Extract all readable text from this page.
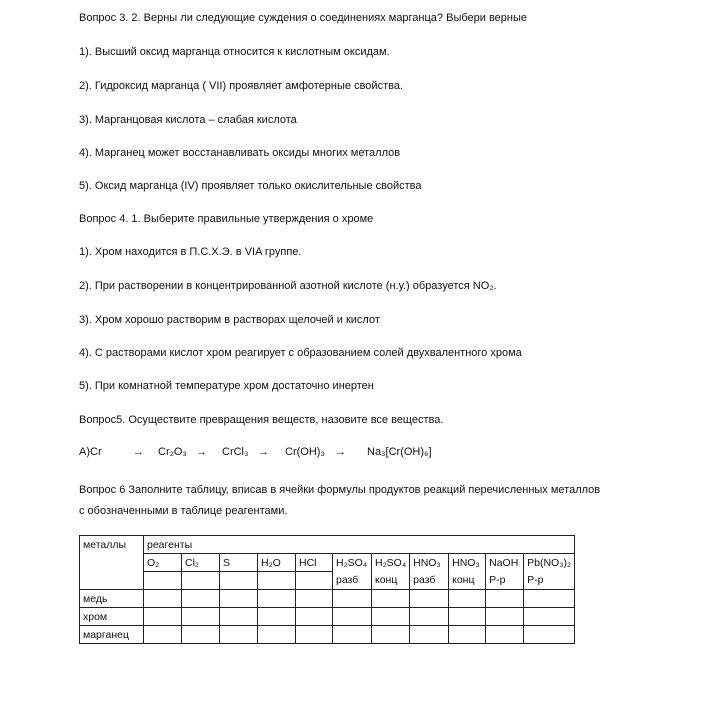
Вопрос 3. 2. Верны ли следующие суждения о соединениях марганца? Выбери верные
1). Высший оксид марганца относится к кислотным оксидам.
2). Гидроксид марганца ( VII) проявляет амфотерные свойства.
3). Марганцовая кислота – слабая кислота
4). Марганец может восстанавливать оксиды многих металлов
5). Оксид марганца (IV) проявляет только окислительные свойства
Вопрос 4. 1. Выберите правильные утверждения о хроме
1). Хром находится в П.С.Х.Э. в VIA группе.
2). При растворении в концентрированной азотной кислоте (н.у.) образуется NO₂.
3). Хром хорошо растворим в растворах щелочей и кислот
4). С растворами кислот хром реагирует с образованием солей двухвалентного хрома
5). При комнатной температуре хром достаточно инертен
Вопрос5. Осуществите превращения веществ, назовите все вещества.
А)Cr	→ Cr₂O₃ → CrCl₃ → Cr(OH)₃ → Na₃[Cr(OH)₆]
Вопрос 6 Заполните таблицу, вписав в ячейки формулы продуктов реакций перечисленных металлов
с обозначенными в таблице реагентами.
металлы	реагенты										
	O₂	Cl₂	S	H₂O	HCl	H₂SO₄	H₂SO₄	HNO₃	HNO₃	NaOH	Pb(NO₃)₂
						разб	конц	разб	конц	Р-р	Р-р
медь											
хром											
марганец											
